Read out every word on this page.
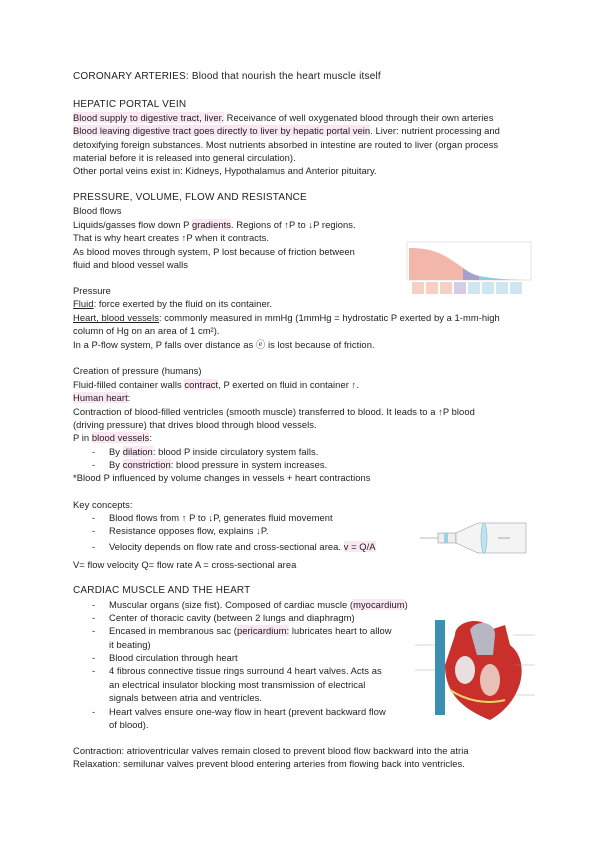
CORONARY ARTERIES: Blood that nourish the heart muscle itself
HEPATIC PORTAL VEIN
Blood supply to digestive tract, liver. Receivance of well oxygenated blood through their own arteries
Blood leaving digestive tract goes directly to liver by hepatic portal vein. Liver: nutrient processing and
detoxifying foreign substances. Most nutrients absorbed in intestine are routed to liver (organ process
material before it is released into general circulation).
Other portal veins exist in: Kidneys, Hypothalamus and Anterior pituitary.
PRESSURE, VOLUME, FLOW AND RESISTANCE
Blood flows
Liquids/gasses flow down P gradients. Regions of ↑P to ↓P regions.
That is why heart creates ↑P when it contracts.
As blood moves through system, P lost because of friction between
fluid and blood vessel walls
Pressure
Fluid: force exerted by the fluid on its container.
Heart, blood vessels: commonly measured in mmHg (1mmHg = hydrostatic P exerted by a 1-mm-high
column of Hg on an area of 1 cm²).
In a P-flow system, P falls over distance as ⓔ is lost because of friction.
Creation of pressure (humans)
Fluid-filled container walls contract, P exerted on fluid in container ↑.
Human heart:
Contraction of blood-filled ventricles (smooth muscle) transferred to blood. It leads to a ↑P blood
(driving pressure) that drives blood through blood vessels.
P in blood vessels:
- By dilation: blood P inside circulatory system falls.
- By constriction: blood pressure in system increases.
*Blood P influenced by volume changes in vessels + heart contractions
Key concepts:
- Blood flows from ↑ P to ↓P, generates fluid movement
- Resistance opposes flow, explains ↓P.
- Velocity depends on flow rate and cross-sectional area. v = Q/A
V= flow velocity Q= flow rate A = cross-sectional area
CARDIAC MUSCLE AND THE HEART
- Muscular organs (size fist). Composed of cardiac muscle (myocardium)
- Center of thoracic cavity (between 2 lungs and diaphragm)
- Encased in membranous sac (pericardium: lubricates heart to allow
it beating)
- Blood circulation through heart
- 4 fibrous connective tissue rings surround 4 heart valves. Acts as
an electrical insulator blocking most transmission of electrical
signals between atria and ventricles.
- Heart valves ensure one-way flow in heart (prevent backward flow
of blood).
Contraction: atrioventricular valves remain closed to prevent blood flow backward into the atria
Relaxation: semilunar valves prevent blood entering arteries from flowing back into ventricles.
